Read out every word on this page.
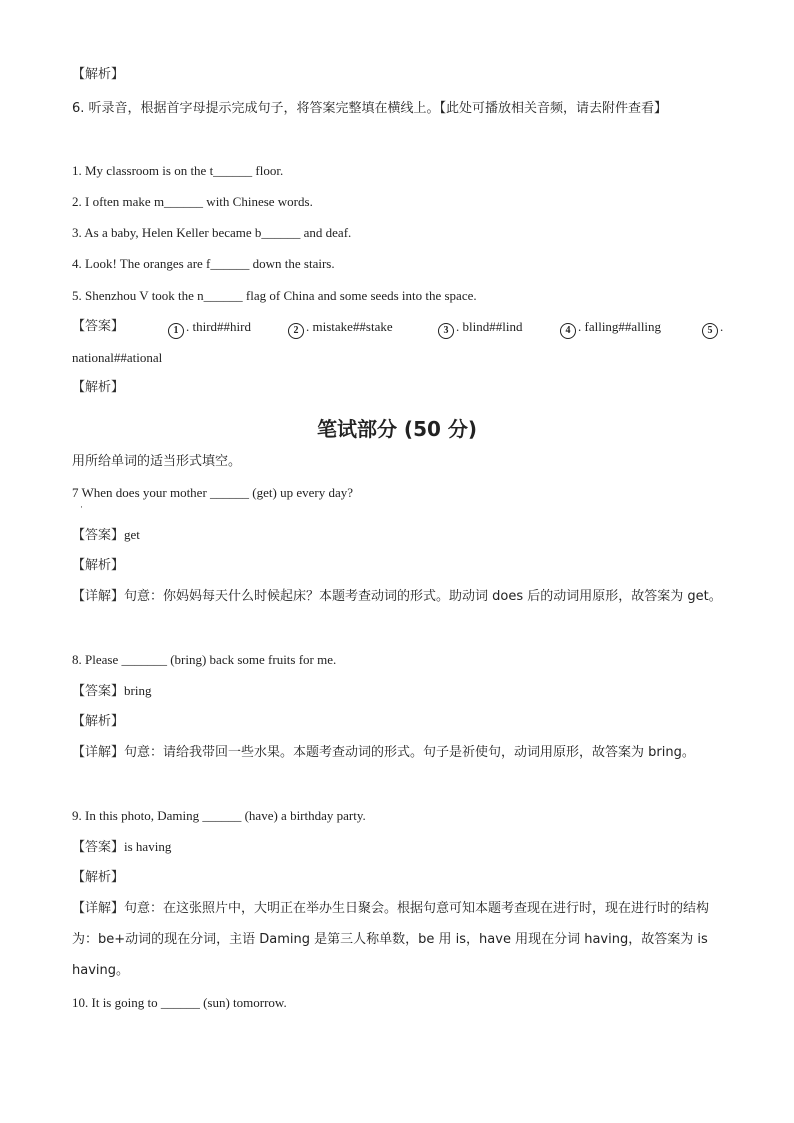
【解析】
6. 听录音，根据首字母提示完成句子，将答案完整填在横线上。【此处可播放相关音频，请去附件查看】
1. My classroom is on the t______ floor.
2. I often make m______ with Chinese words.
3. As a baby, Helen Keller became b______ and deaf.
4. Look! The oranges are f______ down the stairs.
5. Shenzhou V took the n______ flag of China and some seeds into the space.
【答案】	1 . third##hird	2 . mistake##stake	3 . blind##lind	4 . falling##alling	5 .
national##ational
【解析】
笔试部分 (50 分)
用所给单词的适当形式填空。
7 When does your mother ______ (get) up every day?
·
【答案】get
【解析】
【详解】句意：你妈妈每天什么时候起床？本题考查动词的形式。助动词 does 后的动词用原形，故答案为 get。
8. Please _______ (bring) back some fruits for me.
【答案】bring
【解析】
【详解】句意：请给我带回一些水果。本题考查动词的形式。句子是祈使句，动词用原形，故答案为 bring。
9. In this photo, Daming ______ (have) a birthday party.
【答案】is having
【解析】
【详解】句意：在这张照片中，大明正在举办生日聚会。根据句意可知本题考查现在进行时，现在进行时的结构为：be+动词的现在分词，主语 Daming 是第三人称单数，be 用 is，have 用现在分词 having，故答案为 is having。
10. It is going to ______ (sun) tomorrow.
